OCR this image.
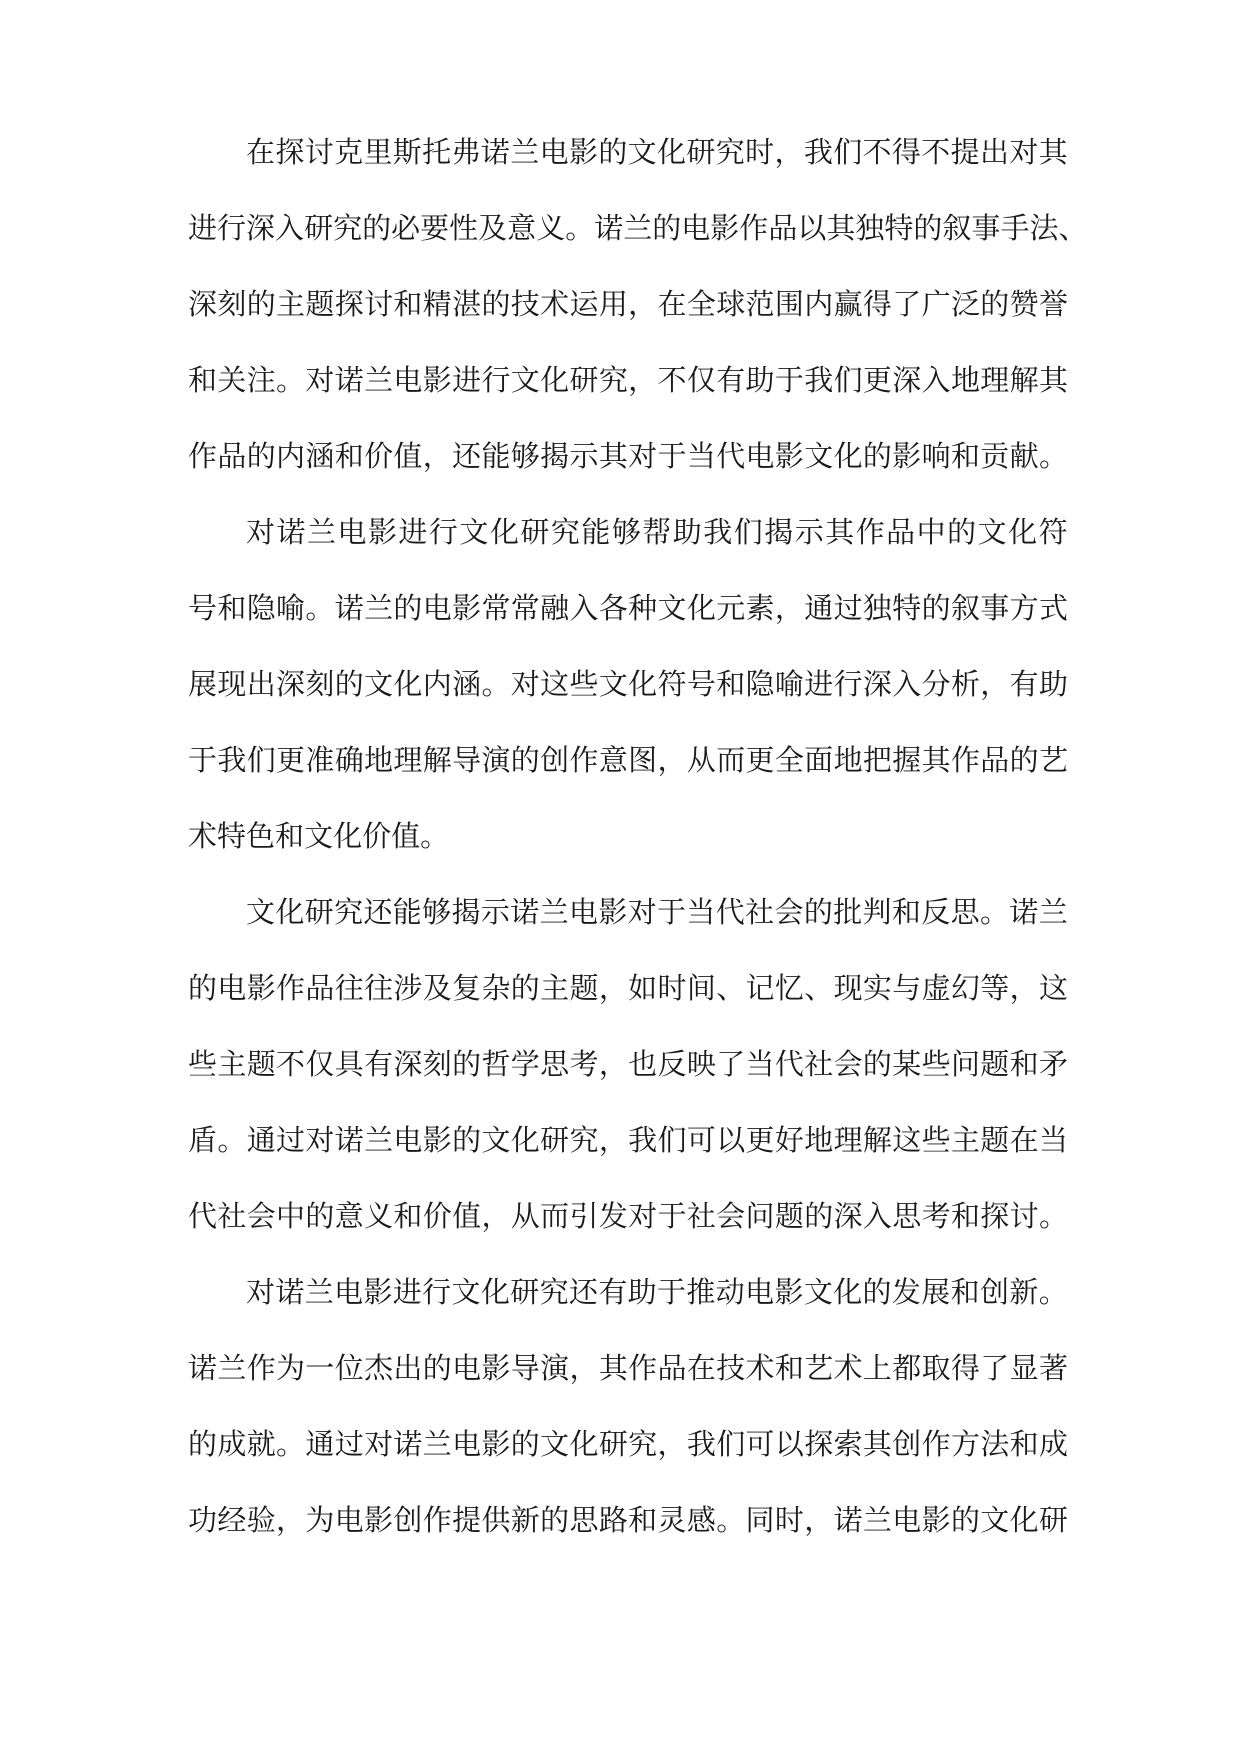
在 探 讨 克 里 斯 托 弗 诺 兰 电 影 的 文 化 研 究 时 ， 我 们 不 得 不 提 出 对 其
进 行 深 入 研 究 的 必 要 性 及 意 义 。 诺 兰 的 电 影 作 品 以 其 独 特 的 叙 事 手 法 、
深 刻 的 主 题 探 讨 和 精 湛 的 技 术 运 用 ， 在 全 球 范 围 内 赢 得 了 广 泛 的 赞 誉
和 关 注 。 对 诺 兰 电 影 进 行 文 化 研 究 ， 不 仅 有 助 于 我 们 更 深 入 地 理 解 其
作 品 的 内 涵 和 价 值 ， 还 能 够 揭 示 其 对 于 当 代 电 影 文 化 的 影 响 和 贡 献 。
对 诺 兰 电 影 进 行 文 化 研 究 能 够 帮 助 我 们 揭 示 其 作 品 中 的 文 化 符
号 和 隐 喻 。 诺 兰 的 电 影 常 常 融 入 各 种 文 化 元 素 ， 通 过 独 特 的 叙 事 方 式
展 现 出 深 刻 的 文 化 内 涵 。 对 这 些 文 化 符 号 和 隐 喻 进 行 深 入 分 析 ， 有 助
于 我 们 更 准 确 地 理 解 导 演 的 创 作 意 图 ， 从 而 更 全 面 地 把 握 其 作 品 的 艺
术 特 色 和 文 化 价 值 。
文 化 研 究 还 能 够 揭 示 诺 兰 电 影 对 于 当 代 社 会 的 批 判 和 反 思 。 诺 兰
的 电 影 作 品 往 往 涉 及 复 杂 的 主 题 ， 如 时 间 、 记 忆 、 现 实 与 虚 幻 等 ， 这
些 主 题 不 仅 具 有 深 刻 的 哲 学 思 考 ， 也 反 映 了 当 代 社 会 的 某 些 问 题 和 矛
盾 。 通 过 对 诺 兰 电 影 的 文 化 研 究 ， 我 们 可 以 更 好 地 理 解 这 些 主 题 在 当
代 社 会 中 的 意 义 和 价 值 ， 从 而 引 发 对 于 社 会 问 题 的 深 入 思 考 和 探 讨 。
对 诺 兰 电 影 进 行 文 化 研 究 还 有 助 于 推 动 电 影 文 化 的 发 展 和 创 新 。
诺 兰 作 为 一 位 杰 出 的 电 影 导 演 ， 其 作 品 在 技 术 和 艺 术 上 都 取 得 了 显 著
的 成 就 。 通 过 对 诺 兰 电 影 的 文 化 研 究 ， 我 们 可 以 探 索 其 创 作 方 法 和 成
功 经 验 ， 为 电 影 创 作 提 供 新 的 思 路 和 灵 感 。 同 时 ， 诺 兰 电 影 的 文 化 研
